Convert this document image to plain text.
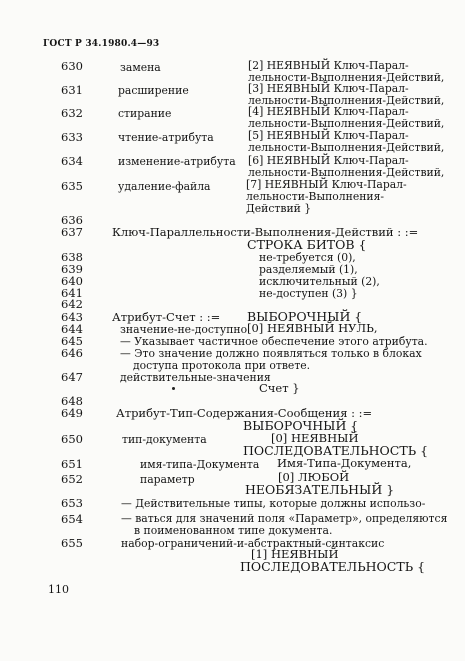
ГОСТ Р 34.1980.4—93
630	замена	[2] НЕЯВНЫЙ Ключ-Парал-
лельности-Выполнения-Действий,
631	расширение	[3] НЕЯВНЫЙ Ключ-Парал-
лельности-Выполнения-Действий,
632	стирание	[4] НЕЯВНЫЙ Ключ-Парал-
лельности-Выполнения-Действий,
633	чтение-атрибута	[5] НЕЯВНЫЙ Ключ-Парал-
лельности-Выполнения-Действий,
634	изменение-атрибута [6] НЕЯВНЫЙ Ключ-Парал-
лельности-Выполнения-Действий,
635	удаление-файла	[7] НЕЯВНЫЙ Ключ-Парал-
лельности-Выполнения-
Действий }
636
637	Ключ-Параллельности-Выполнения-Действий : :=
СТРОКА БИТОВ {
638	не-требуется (0),
639	разделяемый (1),
640	исключительный (2),
641	не-доступен (3) }
642
643	Атрибут-Счет : := ВЫБОРОЧНЫЙ {
644	значение-не-доступно [0] НЕЯВНЫЙ НУЛЬ,
645	— Указывает частичное обеспечение этого атрибута.
646	— Это значение должно появляться только в блоках
доступа протокола при ответе.
647	действительные-значения
Счет }
648
649	Атрибут-Тип-Содержания-Сообщения : :=
ВЫБОРОЧНЫЙ {
650	тип-документа	[0] НЕЯВНЫЙ
ПОСЛЕДОВАТЕЛЬНОСТЬ {
651	имя-типа-Документа Имя-Типа-Документа,
652	параметр	[0] ЛЮБОЙ
НЕОБЯЗАТЕЛЬНЫЙ }
653	— Действительные типы, которые должны использо-
654	— ваться для значений поля «Параметр», определяются
в поименованном типе документа.
655	набор-ограничений-и-абстрактный-синтаксис
[1] НЕЯВНЫЙ
ПОСЛЕДОВАТЕЛЬНОСТЬ {
110
